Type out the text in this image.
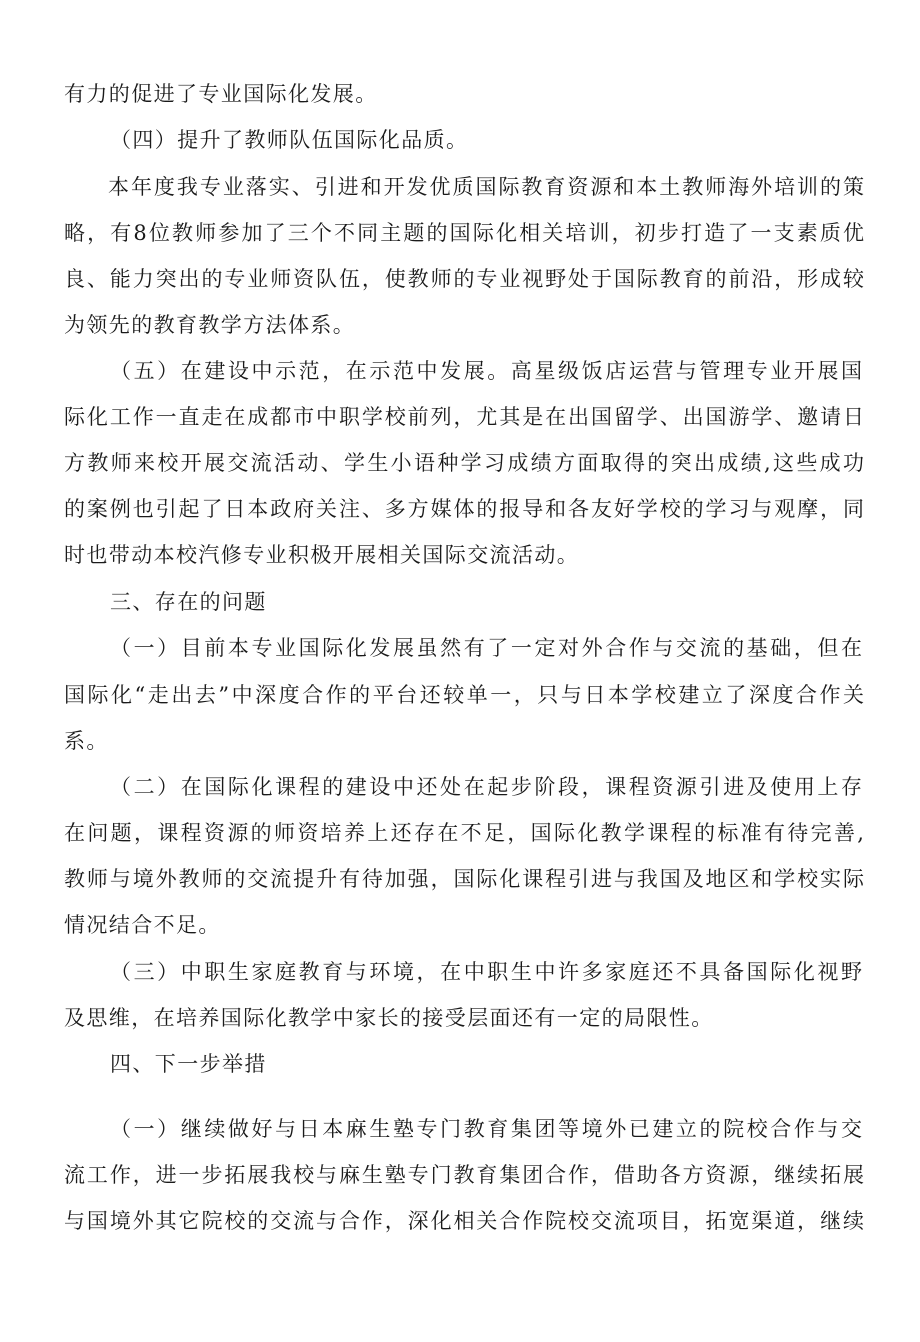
有力的促进了专业国际化发展。
（四）提升了教师队伍国际化品质。
本年度我专业落实、引进和开发优质国际教育资源和本土教师海外培训的策
略，有8位教师参加了三个不同主题的国际化相关培训，初步打造了一支素质优
良、能力突出的专业师资队伍，使教师的专业视野处于国际教育的前沿，形成较
为领先的教育教学方法体系。
（五）在建设中示范，在示范中发展。高星级饭店运营与管理专业开展国
际化工作一直走在成都市中职学校前列，尤其是在出国留学、出国游学、邀请日
方教师来校开展交流活动、学生小语种学习成绩方面取得的突出成绩,这些成功
的案例也引起了日本政府关注、多方媒体的报导和各友好学校的学习与观摩，同
时也带动本校汽修专业积极开展相关国际交流活动。
三、存在的问题
（一）目前本专业国际化发展虽然有了一定对外合作与交流的基础，但在
国际化“走出去”中深度合作的平台还较单一，只与日本学校建立了深度合作关
系。
（二）在国际化课程的建设中还处在起步阶段，课程资源引进及使用上存
在问题，课程资源的师资培养上还存在不足，国际化教学课程的标准有待完善,
教师与境外教师的交流提升有待加强，国际化课程引进与我国及地区和学校实际
情况结合不足。
（三）中职生家庭教育与环境，在中职生中许多家庭还不具备国际化视野
及思维，在培养国际化教学中家长的接受层面还有一定的局限性。
四、下一步举措
（一）继续做好与日本麻生塾专门教育集团等境外已建立的院校合作与交
流工作，进一步拓展我校与麻生塾专门教育集团合作，借助各方资源，继续拓展
与国境外其它院校的交流与合作，深化相关合作院校交流项目，拓宽渠道，继续
